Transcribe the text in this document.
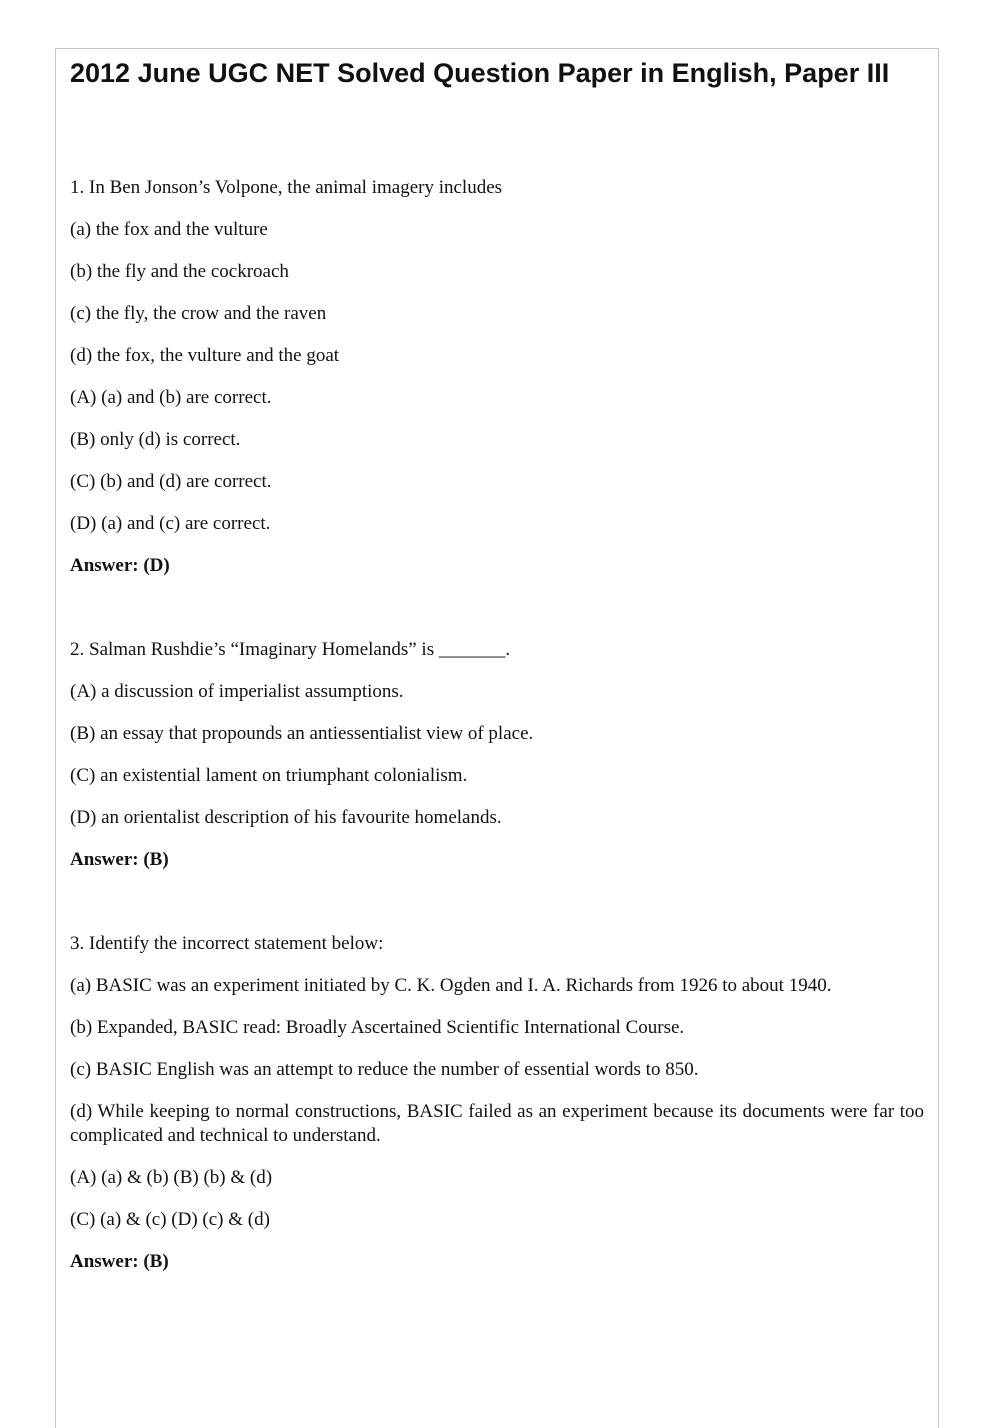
2012 June UGC NET Solved Question Paper in English, Paper III

1. In Ben Jonson’s Volpone, the animal imagery includes

(a) the fox and the vulture

(b) the fly and the cockroach

(c) the fly, the crow and the raven

(d) the fox, the vulture and the goat

(A) (a) and (b) are correct.

(B) only (d) is correct.

(C) (b) and (d) are correct.

(D) (a) and (c) are correct.

Answer: (D)

2. Salman Rushdie’s “Imaginary Homelands” is _______.

(A) a discussion of imperialist assumptions.

(B) an essay that propounds an antiessentialist view of place.

(C) an existential lament on triumphant colonialism.

(D) an orientalist description of his favourite homelands.

Answer: (B)

3. Identify the incorrect statement below:

(a) BASIC was an experiment initiated by C. K. Ogden and I. A. Richards from 1926 to about 1940.

(b) Expanded, BASIC read: Broadly Ascertained Scientific International Course.

(c) BASIC English was an attempt to reduce the number of essential words to 850.

(d) While keeping to normal constructions, BASIC failed as an experiment because its documents were far too complicated and technical to understand.

(A) (a) & (b) (B) (b) & (d)

(C) (a) & (c) (D) (c) & (d)

Answer: (B)
